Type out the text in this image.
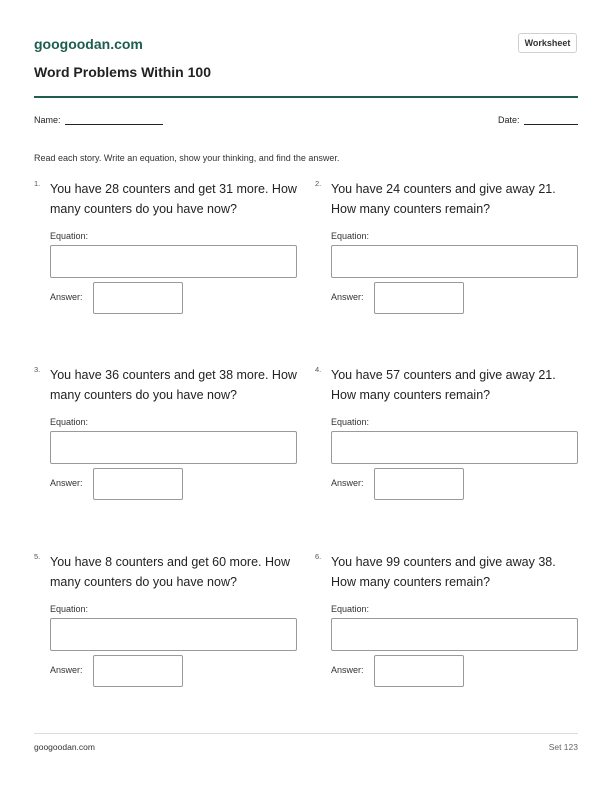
googoodan.com	Worksheet
Word Problems Within 100
Name:	Date:
Read each story. Write an equation, show your thinking, and find the answer.
1. You have 28 counters and get 31 more. How many counters do you have now?
Equation:
Answer:
2. You have 24 counters and give away 21. How many counters remain?
Equation:
Answer:
3. You have 36 counters and get 38 more. How many counters do you have now?
Equation:
Answer:
4. You have 57 counters and give away 21. How many counters remain?
Equation:
Answer:
5. You have 8 counters and get 60 more. How many counters do you have now?
Equation:
Answer:
6. You have 99 counters and give away 38. How many counters remain?
Equation:
Answer:
googoodan.com	Set 123
